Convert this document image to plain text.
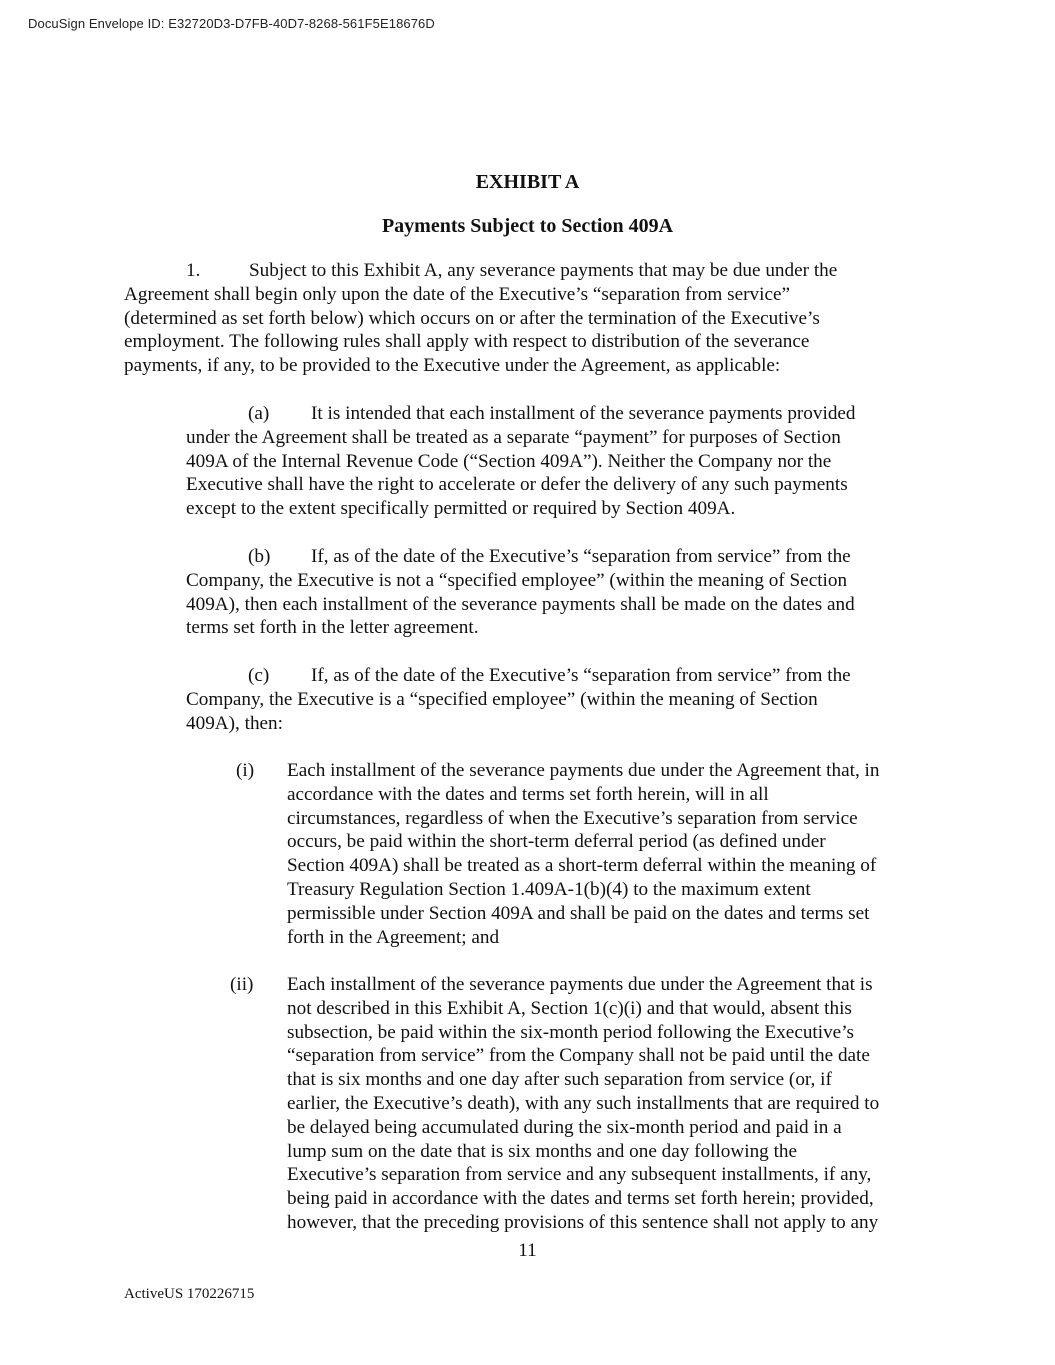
DocuSign Envelope ID: E32720D3-D7FB-40D7-8268-561F5E18676D
EXHIBIT A
Payments Subject to Section 409A
1.	Subject to this Exhibit A, any severance payments that may be due under the
Agreement shall begin only upon the date of the Executive’s “separation from service”
(determined as set forth below) which occurs on or after the termination of the Executive’s
employment. The following rules shall apply with respect to distribution of the severance
payments, if any, to be provided to the Executive under the Agreement, as applicable:
(a) It is intended that each installment of the severance payments provided
under the Agreement shall be treated as a separate “payment” for purposes of Section
409A of the Internal Revenue Code (“Section 409A”). Neither the Company nor the
Executive shall have the right to accelerate or defer the delivery of any such payments
except to the extent specifically permitted or required by Section 409A.
(b) If, as of the date of the Executive’s “separation from service” from the
Company, the Executive is not a “specified employee” (within the meaning of Section
409A), then each installment of the severance payments shall be made on the dates and
terms set forth in the letter agreement.
(c) If, as of the date of the Executive’s “separation from service” from the
Company, the Executive is a “specified employee” (within the meaning of Section
409A), then:
(i) Each installment of the severance payments due under the Agreement that, in
accordance with the dates and terms set forth herein, will in all
circumstances, regardless of when the Executive’s separation from service
occurs, be paid within the short-term deferral period (as defined under
Section 409A) shall be treated as a short-term deferral within the meaning of
Treasury Regulation Section 1.409A-1(b)(4) to the maximum extent
permissible under Section 409A and shall be paid on the dates and terms set
forth in the Agreement; and
(ii) Each installment of the severance payments due under the Agreement that is
not described in this Exhibit A, Section 1(c)(i) and that would, absent this
subsection, be paid within the six-month period following the Executive’s
“separation from service” from the Company shall not be paid until the date
that is six months and one day after such separation from service (or, if
earlier, the Executive’s death), with any such installments that are required to
be delayed being accumulated during the six-month period and paid in a
lump sum on the date that is six months and one day following the
Executive’s separation from service and any subsequent installments, if any,
being paid in accordance with the dates and terms set forth herein; provided,
however, that the preceding provisions of this sentence shall not apply to any
11
ActiveUS 170226715
